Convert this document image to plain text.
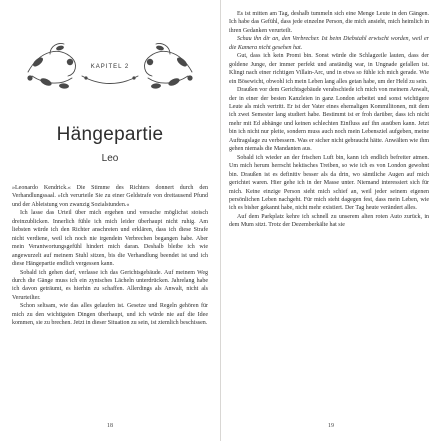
KAPITEL 2
Hängepartie
Leo

»Leonardo Kendrick.« Die Stimme des Richters donnert durch den Verhandlungssaal. »Ich verurteile Sie zu einer Geldstrafe von dreitausend Pfund und der Ableistung von zwanzig Sozialstunden.«

Ich lasse das Urteil über mich ergehen und versuche möglichst stoisch dreinzublicken. Innerlich fühle ich mich leider überhaupt nicht ruhig. Am liebsten würde ich den Richter anschreien und erklären, dass ich diese Strafe nicht verdiene, weil ich noch nie irgendein Verbrechen begangen habe. Aber mein Verantwortungsgefühl hindert mich daran. Deshalb bleibe ich wie angewurzelt auf meinem Stuhl sitzen, bis die Verhandlung beendet ist und ich diese Hängepartie endlich vergessen kann.

Sobald ich gehen darf, verlasse ich das Gerichtsgebäude. Auf meinem Weg durch die Gänge muss ich ein zynisches Lächeln unterdrücken. Jahrelang habe ich davon geträumt, es hierhin zu schaffen. Allerdings als Anwalt, nicht als Verurteilter.

Schon seltsam, wie das alles gelaufen ist. Gesetze und Regeln gehören für mich zu den wichtigsten Dingen überhaupt, und ich würde nie auf die Idee kommen, sie zu brechen. Jetzt in dieser Situation zu sein, ist ziemlich beschissen.

18

Es ist mitten am Tag, deshalb tummeln sich eine Menge Leute in den Gängen. Ich habe das Gefühl, dass jede einzelne Person, die mich ansieht, mich heimlich in ihren Gedanken verurteilt.

Schau ihn dir an, den Verbrecher. Ist beim Diebstahl erwischt worden, weil er die Kamera nicht gesehen hat.

Gut, dass ich kein Promi bin. Sonst würde die Schlagzeile lauten, dass der goldene Junge, der immer perfekt und anständig war, in Ungnade gefallen ist. Klingt nach einer richtigen Villain-Arc, und in etwa so fühle ich mich gerade. Wie ein Bösewicht, obwohl ich mein Leben lang alles getan habe, um der Held zu sein.

Draußen vor dem Gerichtsgebäude verabschiede ich mich von meinem Anwalt, der in einer der besten Kanzleien in ganz London arbeitet und sonst wichtigere Leute als mich vertritt. Er ist der Vater eines ehemaligen Kommilitonen, mit dem ich zwei Semester lang studiert habe. Bestimmt ist er froh darüber, dass ich nicht mehr mit Ed abhänge und keinen schlechten Einfluss auf ihn ausüben kann. Jetzt bin ich nicht nur pleite, sondern muss auch noch mein Lebensziel aufgeben, meine Auftragslage zu verbessern. Was er sicher nicht gebraucht hätte. Anwälten wie ihm gehen niemals die Mandanten aus.

Sobald ich wieder an der frischen Luft bin, kann ich endlich befreiter atmen. Um mich herum herrscht hektisches Treiben, so wie ich es von London gewohnt bin. Draußen ist es definitiv besser als da drin, wo sämtliche Augen auf mich gerichtet waren. Hier gehe ich in der Masse unter. Niemand interessiert sich für mich. Keine einzige Person sieht mich schief an, weil jeder seinem eigenen persönlichen Leben nachgeht. Für mich steht dagegen fest, dass mein Leben, wie ich es bisher gekannt habe, nicht mehr existiert. Der Tag heute verändert alles.

Auf dem Parkplatz kehre ich schnell zu unserem alten roten Auto zurück, in dem Mum sitzt. Trotz der Dezemberkälte hat sie

19
